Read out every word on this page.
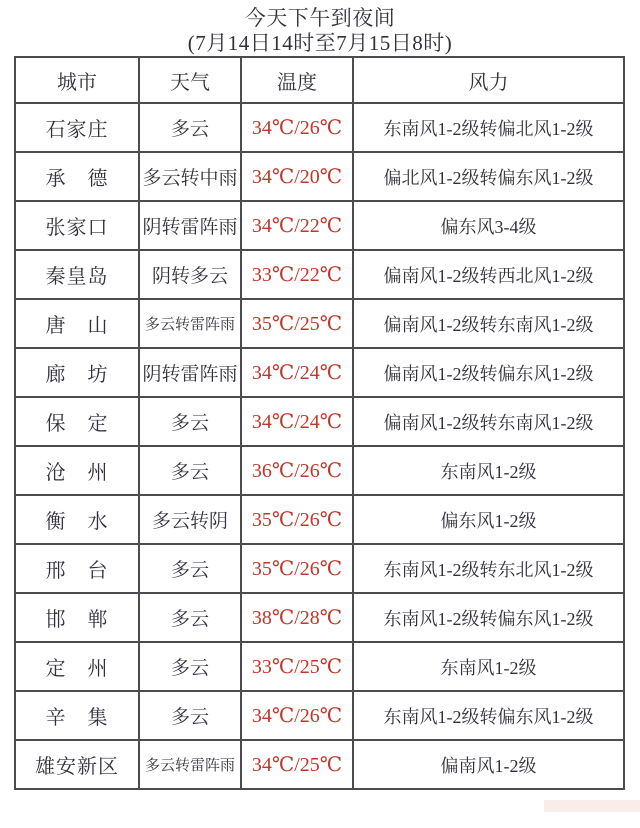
今天下午到夜间
(7月14日14时至7月15日8时)
城市	天气	温度	风力
石家庄	多云	34℃/26℃	东南风1-2级转偏北风1-2级
承　德	多云转中雨	34℃/20℃	偏北风1-2级转偏东风1-2级
张家口	阴转雷阵雨	34℃/22℃	偏东风3-4级
秦皇岛	阴转多云	33℃/22℃	偏南风1-2级转西北风1-2级
唐　山	多云转雷阵雨	35℃/25℃	偏南风1-2级转东南风1-2级
廊　坊	阴转雷阵雨	34℃/24℃	偏南风1-2级转偏东风1-2级
保　定	多云	34℃/24℃	偏南风1-2级转东南风1-2级
沧　州	多云	36℃/26℃	东南风1-2级
衡　水	多云转阴	35℃/26℃	偏东风1-2级
邢　台	多云	35℃/26℃	东南风1-2级转东北风1-2级
邯　郸	多云	38℃/28℃	东南风1-2级转偏东风1-2级
定　州	多云	33℃/25℃	东南风1-2级
辛　集	多云	34℃/26℃	东南风1-2级转偏东风1-2级
雄安新区	多云转雷阵雨	34℃/25℃	偏南风1-2级
